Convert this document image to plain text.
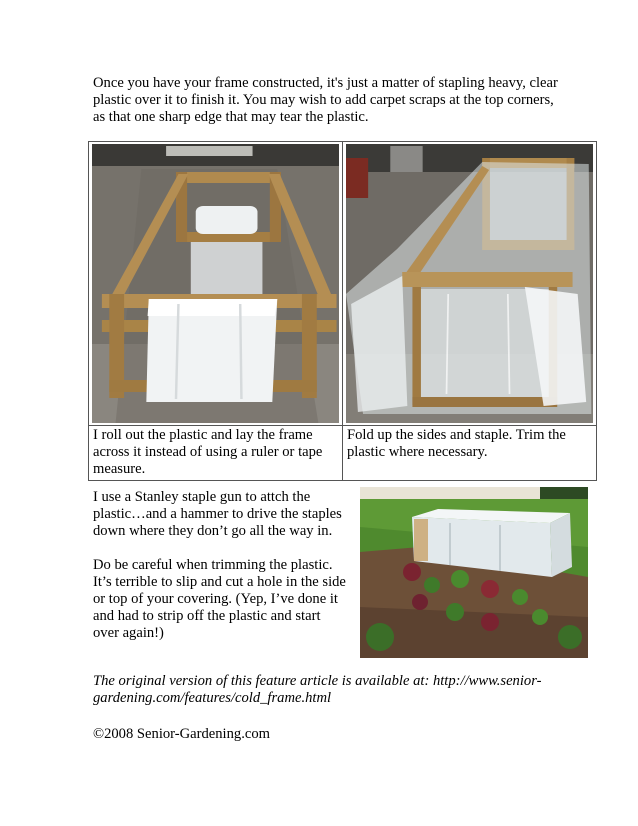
Once you have your frame constructed, it's just a matter of stapling heavy, clear plastic over it to finish it. You may wish to add carpet scraps at the top corners, as that one sharp edge that may tear the plastic.

I roll out the plastic and lay the frame across it instead of using a ruler or tape measure.	Fold up the sides and staple. Trim the plastic where necessary.

I use a Stanley staple gun to attch the plastic…and a hammer to drive the staples down where they don’t go all the way in.

Do be careful when trimming the plastic. It’s terrible to slip and cut a hole in the side or top of your covering. (Yep, I’ve done it and had to strip off the plastic and start over again!)

The original version of this feature article is available at: http://www.senior-gardening.com/features/cold_frame.html

©2008 Senior-Gardening.com
